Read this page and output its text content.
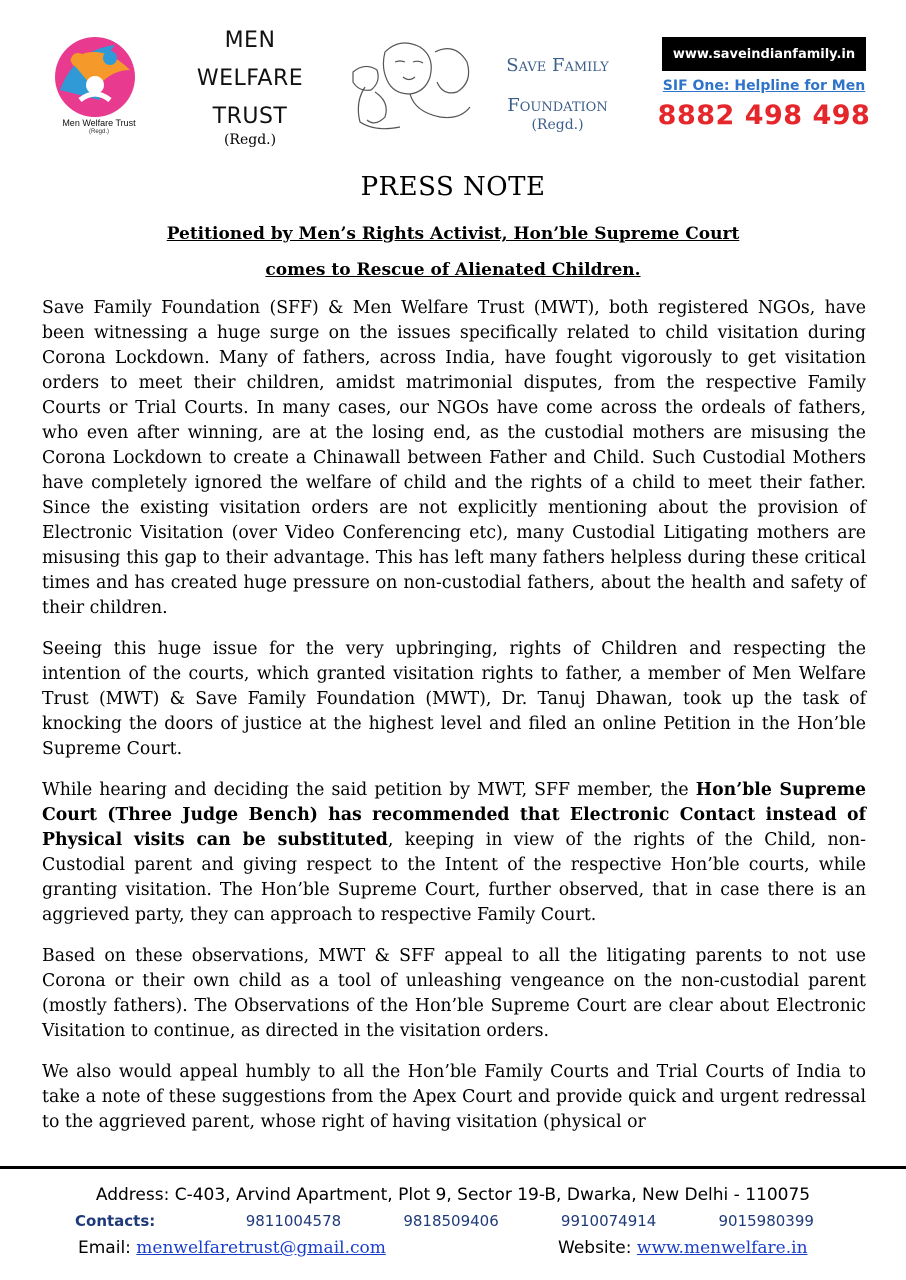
Men Welfare Trust
(Regd.)
MEN
WELFARE
TRUST
(Regd.)
Save Family
Foundation
(Regd.)
www.saveindianfamily.in
SIF One: Helpline for Men
8882 498 498
PRESS NOTE
Petitioned by Men’s Rights Activist, Hon’ble Supreme Court
comes to Rescue of Alienated Children.

Save Family Foundation (SFF) & Men Welfare Trust (MWT), both registered NGOs, have been witnessing a huge surge on the issues specifically related to child visitation during Corona Lockdown. Many of fathers, across India, have fought vigorously to get visitation orders to meet their children, amidst matrimonial disputes, from the respective Family Courts or Trial Courts. In many cases, our NGOs have come across the ordeals of fathers, who even after winning, are at the losing end, as the custodial mothers are misusing the Corona Lockdown to create a Chinawall between Father and Child. Such Custodial Mothers have completely ignored the welfare of child and the rights of a child to meet their father. Since the existing visitation orders are not explicitly mentioning about the provision of Electronic Visitation (over Video Conferencing etc), many Custodial Litigating mothers are misusing this gap to their advantage. This has left many fathers helpless during these critical times and has created huge pressure on non-custodial fathers, about the health and safety of their children.

Seeing this huge issue for the very upbringing, rights of Children and respecting the intention of the courts, which granted visitation rights to father, a member of Men Welfare Trust (MWT) & Save Family Foundation (MWT), Dr. Tanuj Dhawan, took up the task of knocking the doors of justice at the highest level and filed an online Petition in the Hon’ble Supreme Court.

While hearing and deciding the said petition by MWT, SFF member, the Hon’ble Supreme Court (Three Judge Bench) has recommended that Electronic Contact instead of Physical visits can be substituted, keeping in view of the rights of the Child, non-Custodial parent and giving respect to the Intent of the respective Hon’ble courts, while granting visitation. The Hon’ble Supreme Court, further observed, that in case there is an aggrieved party, they can approach to respective Family Court.

Based on these observations, MWT & SFF appeal to all the litigating parents to not use Corona or their own child as a tool of unleashing vengeance on the non-custodial parent (mostly fathers). The Observations of the Hon’ble Supreme Court are clear about Electronic Visitation to continue, as directed in the visitation orders.

We also would appeal humbly to all the Hon’ble Family Courts and Trial Courts of India to take a note of these suggestions from the Apex Court and provide quick and urgent redressal to the aggrieved parent, whose right of having visitation (physical or

Address: C-403, Arvind Apartment, Plot 9, Sector 19-B, Dwarka, New Delhi - 110075
Contacts:	9811004578	9818509406	9910074914	9015980399
Email: menwelfaretrust@gmail.com	Website: www.menwelfare.in
